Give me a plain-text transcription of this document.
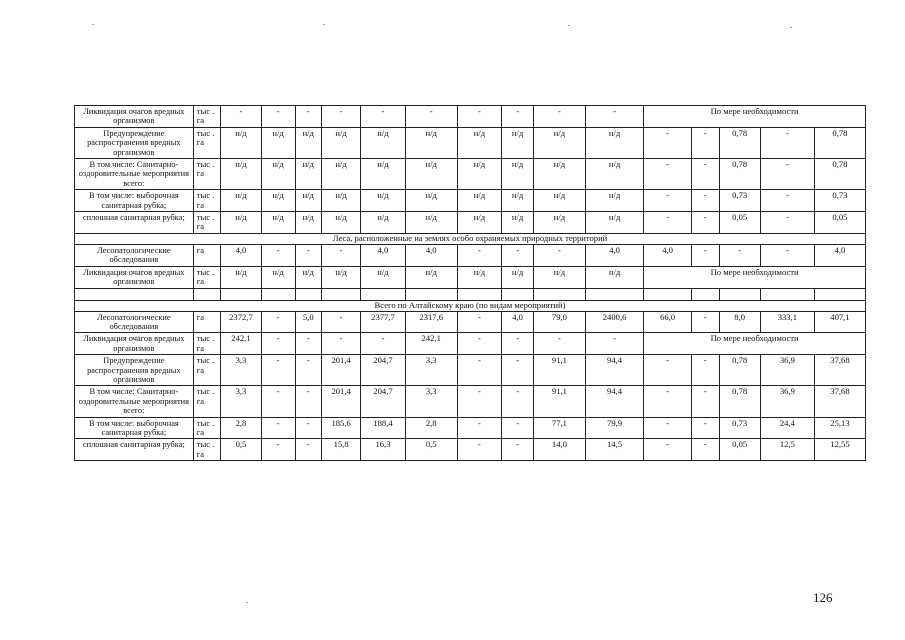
Ликвидация очагов вредных организмов	тыс . га	-	-	-	-	-	-	-	-	-	-	По мере необходимости				
Предупреждение распространения вредных организмов	тыс . га	н/д	н/д	н/д	н/д	н/д	н/д	н/д	н/д	н/д	н/д	-	-	0,78	-	0,78
В том числе: Санитарно-оздоровительные мероприятия всего:	тыс . га	н/д	н/д	н/д	н/д	н/д	н/д	н/д	н/д	н/д	н/д	-	-	0,78	-	0,78
В том числе: выборочная санитарная рубка;	тыс . га	н/д	н/д	н/д	н/д	н/д	н/д	н/д	н/д	н/д	н/д	-	-	0,73	-	0,73
сплошная санитарная рубка;	тыс . га	н/д	н/д	н/д	н/д	н/д	н/д	н/д	н/д	н/д	н/д	-	-	0,05	-	0,05
Леса, расположенные на землях особо охраняемых природных территорий																
Лесопатологические обследования	га	4,0	-	-	-	4,0	4,0	-	-	-	4,0	4,0	-	-	-	4,0
Ликвидация очагов вредных организмов	тыс . га	н/д	н/д	н/д	н/д	н/д	н/д	н/д	н/д	н/д	н/д	По мере необходимости				

Всего по Алтайскому краю (по видам мероприятий)																
Лесопатологические обследования	га	2372,7	-	5,0	-	2377,7	2317,6	-	4,0	79,0	2400,6	66,0	-	8,0	333,1	407,1
Ликвидация очагов вредных организмов	тыс . га	242,1	-	-	-	-	242,1	-	-	-	-	По мере необходимости				
Предупреждение распространения вредных организмов	тыс . га	3,3	-	-	201,4	204,7	3,3	-	-	91,1	94,4	-	-	0,78	36,9	37,68
В том числе: Санитарно-оздоровительные мероприятия всего:	тыс . га	3,3	-	-	201,4	204,7	3,3	-	-	91,1	94,4	-	-	0,78	36,9	37,68
В том числе: выборочная санитарная рубка;	тыс . га	2,8	-	-	185,6	188,4	2,8	-	-	77,1	79,9	-	-	0,73	24,4	25,13
сплошная санитарная рубка;	тыс . га	0,5	-	-	15,8	16,3	0,5	-	-	14,0	14,5	-	-	0,05	12,5	12,55
126
